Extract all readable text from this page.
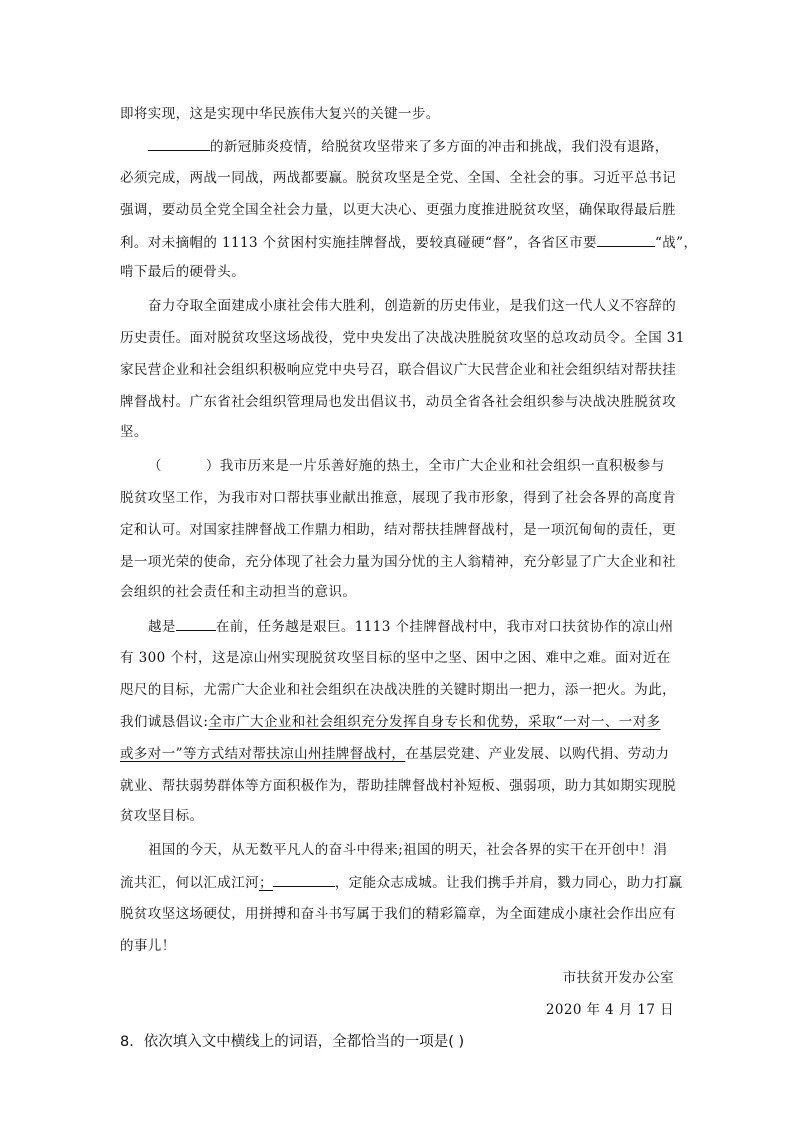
即将实现，这是实现中华民族伟大复兴的关键一步。
的新冠肺炎疫情，给脱贫攻坚带来了多方面的冲击和挑战，我们没有退路，
必须完成，两战一同战，两战都要赢。脱贫攻坚是全党、全国、全社会的事。习近平总书记
强调，要动员全党全国全社会力量，以更大决心、更强力度推进脱贫攻坚，确保取得最后胜
利。对未摘帽的 1113 个贫困村实施挂牌督战，要较真碰硬“督”，各省区市要	“战”，
啃下最后的硬骨头。
奋力夺取全面建成小康社会伟大胜利，创造新的历史伟业，是我们这一代人义不容辞的
历史责任。面对脱贫攻坚这场战役，党中央发出了决战决胜脱贫攻坚的总攻动员令。全国 31
家民营企业和社会组织积极响应党中央号召，联合倡议广大民营企业和社会组织结对帮扶挂
牌督战村。广东省社会组织管理局也发出倡议书，动员全省各社会组织参与决战决胜脱贫攻
坚。
（	）我市历来是一片乐善好施的热土，全市广大企业和社会组织一直积极参与
脱贫攻坚工作，为我市对口帮扶事业献出推意，展现了我市形象，得到了社会各界的高度肯
定和认可。对国家挂牌督战工作鼎力相助，结对帮扶挂牌督战村，是一项沉甸甸的责任，更
是一项光荣的使命，充分体现了社会力量为国分忧的主人翁精神，充分彰显了广大企业和社
会组织的社会责任和主动担当的意识。
越是	在前，任务越是艰巨。1113 个挂牌督战村中，我市对口扶贫协作的凉山州
有 300 个村，这是凉山州实现脱贫攻坚目标的坚中之坚、困中之困、难中之难。面对近在
咫尺的目标，尤需广大企业和社会组织在决战决胜的关键时期出一把力，添一把火。为此，
我们诚恳倡议:全市广大企业和社会组织充分发挥自身专长和优势，采取“一对一、一对多
或多对一”等方式结对帮扶凉山州挂牌督战村，在基层党建、产业发展、以购代捐、劳动力
就业、帮扶弱势群体等方面积极作为，帮助挂牌督战村补短板、强弱项，助力其如期实现脱
贫攻坚目标。
祖国的今天，从无数平凡人的奋斗中得来;祖国的明天，社会各界的实干在开创中！涓
流共汇，何以汇成江河；	，定能众志成城。让我们携手并肩，戮力同心，助力打赢
脱贫攻坚这场硬仗，用拼搏和奋斗书写属于我们的精彩篇章，为全面建成小康社会作出应有
的事儿！
市扶贫开发办公室
2020 年 4 月 17 日
8．依次填入文中横线上的词语，全都恰当的一项是( )
